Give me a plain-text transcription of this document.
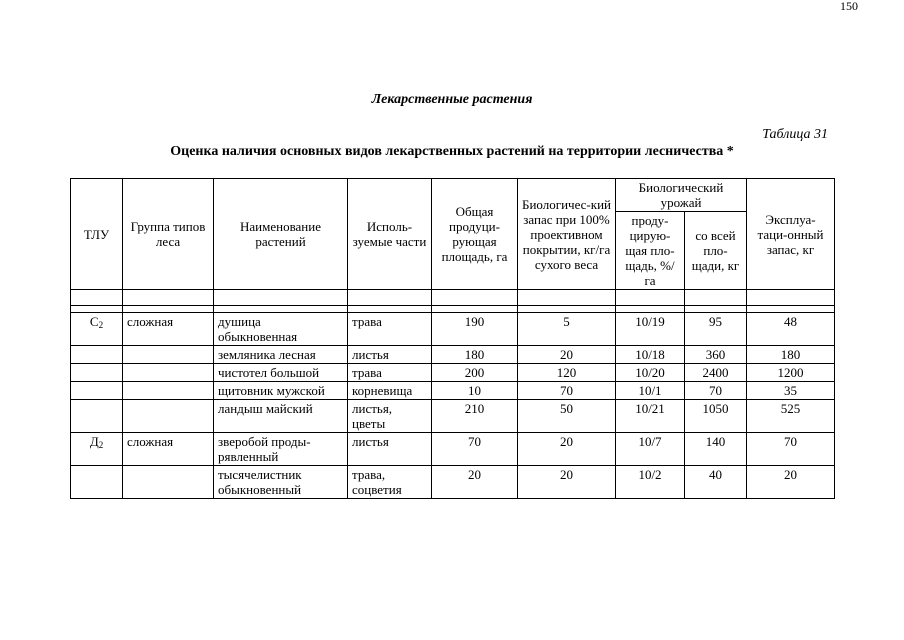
150
Лекарственные растения
Таблица 31
Оценка наличия основных видов лекарственных растений на территории лесничества *
ТЛУ	Группа типов леса	Наименование растений	Исполь-зуемые части	Общая продуци-рующая площадь, га	Биологичес-кий запас при 100% проективном покрытии, кг/га сухого веса	Биологический урожай		Эксплуа-таци-онный запас, кг
						проду-цирую-щая пло-щадь, %/га	со всей пло-щади, кг	

$С_2$	сложная	душица обыкновенная	трава	190	5	10/19	95	48
		земляника лесная	листья	180	20	10/18	360	180
		чистотел большой	трава	200	120	10/20	2400	1200
		щитовник мужской	корневища	10	70	10/1	70	35
		ландыш майский	листья, цветы	210	50	10/21	1050	525
$Д_2$	сложная	зверобой проды-рявленный	листья	70	20	10/7	140	70
		тысячелистник обыкновенный	трава, соцветия	20	20	10/2	40	20
